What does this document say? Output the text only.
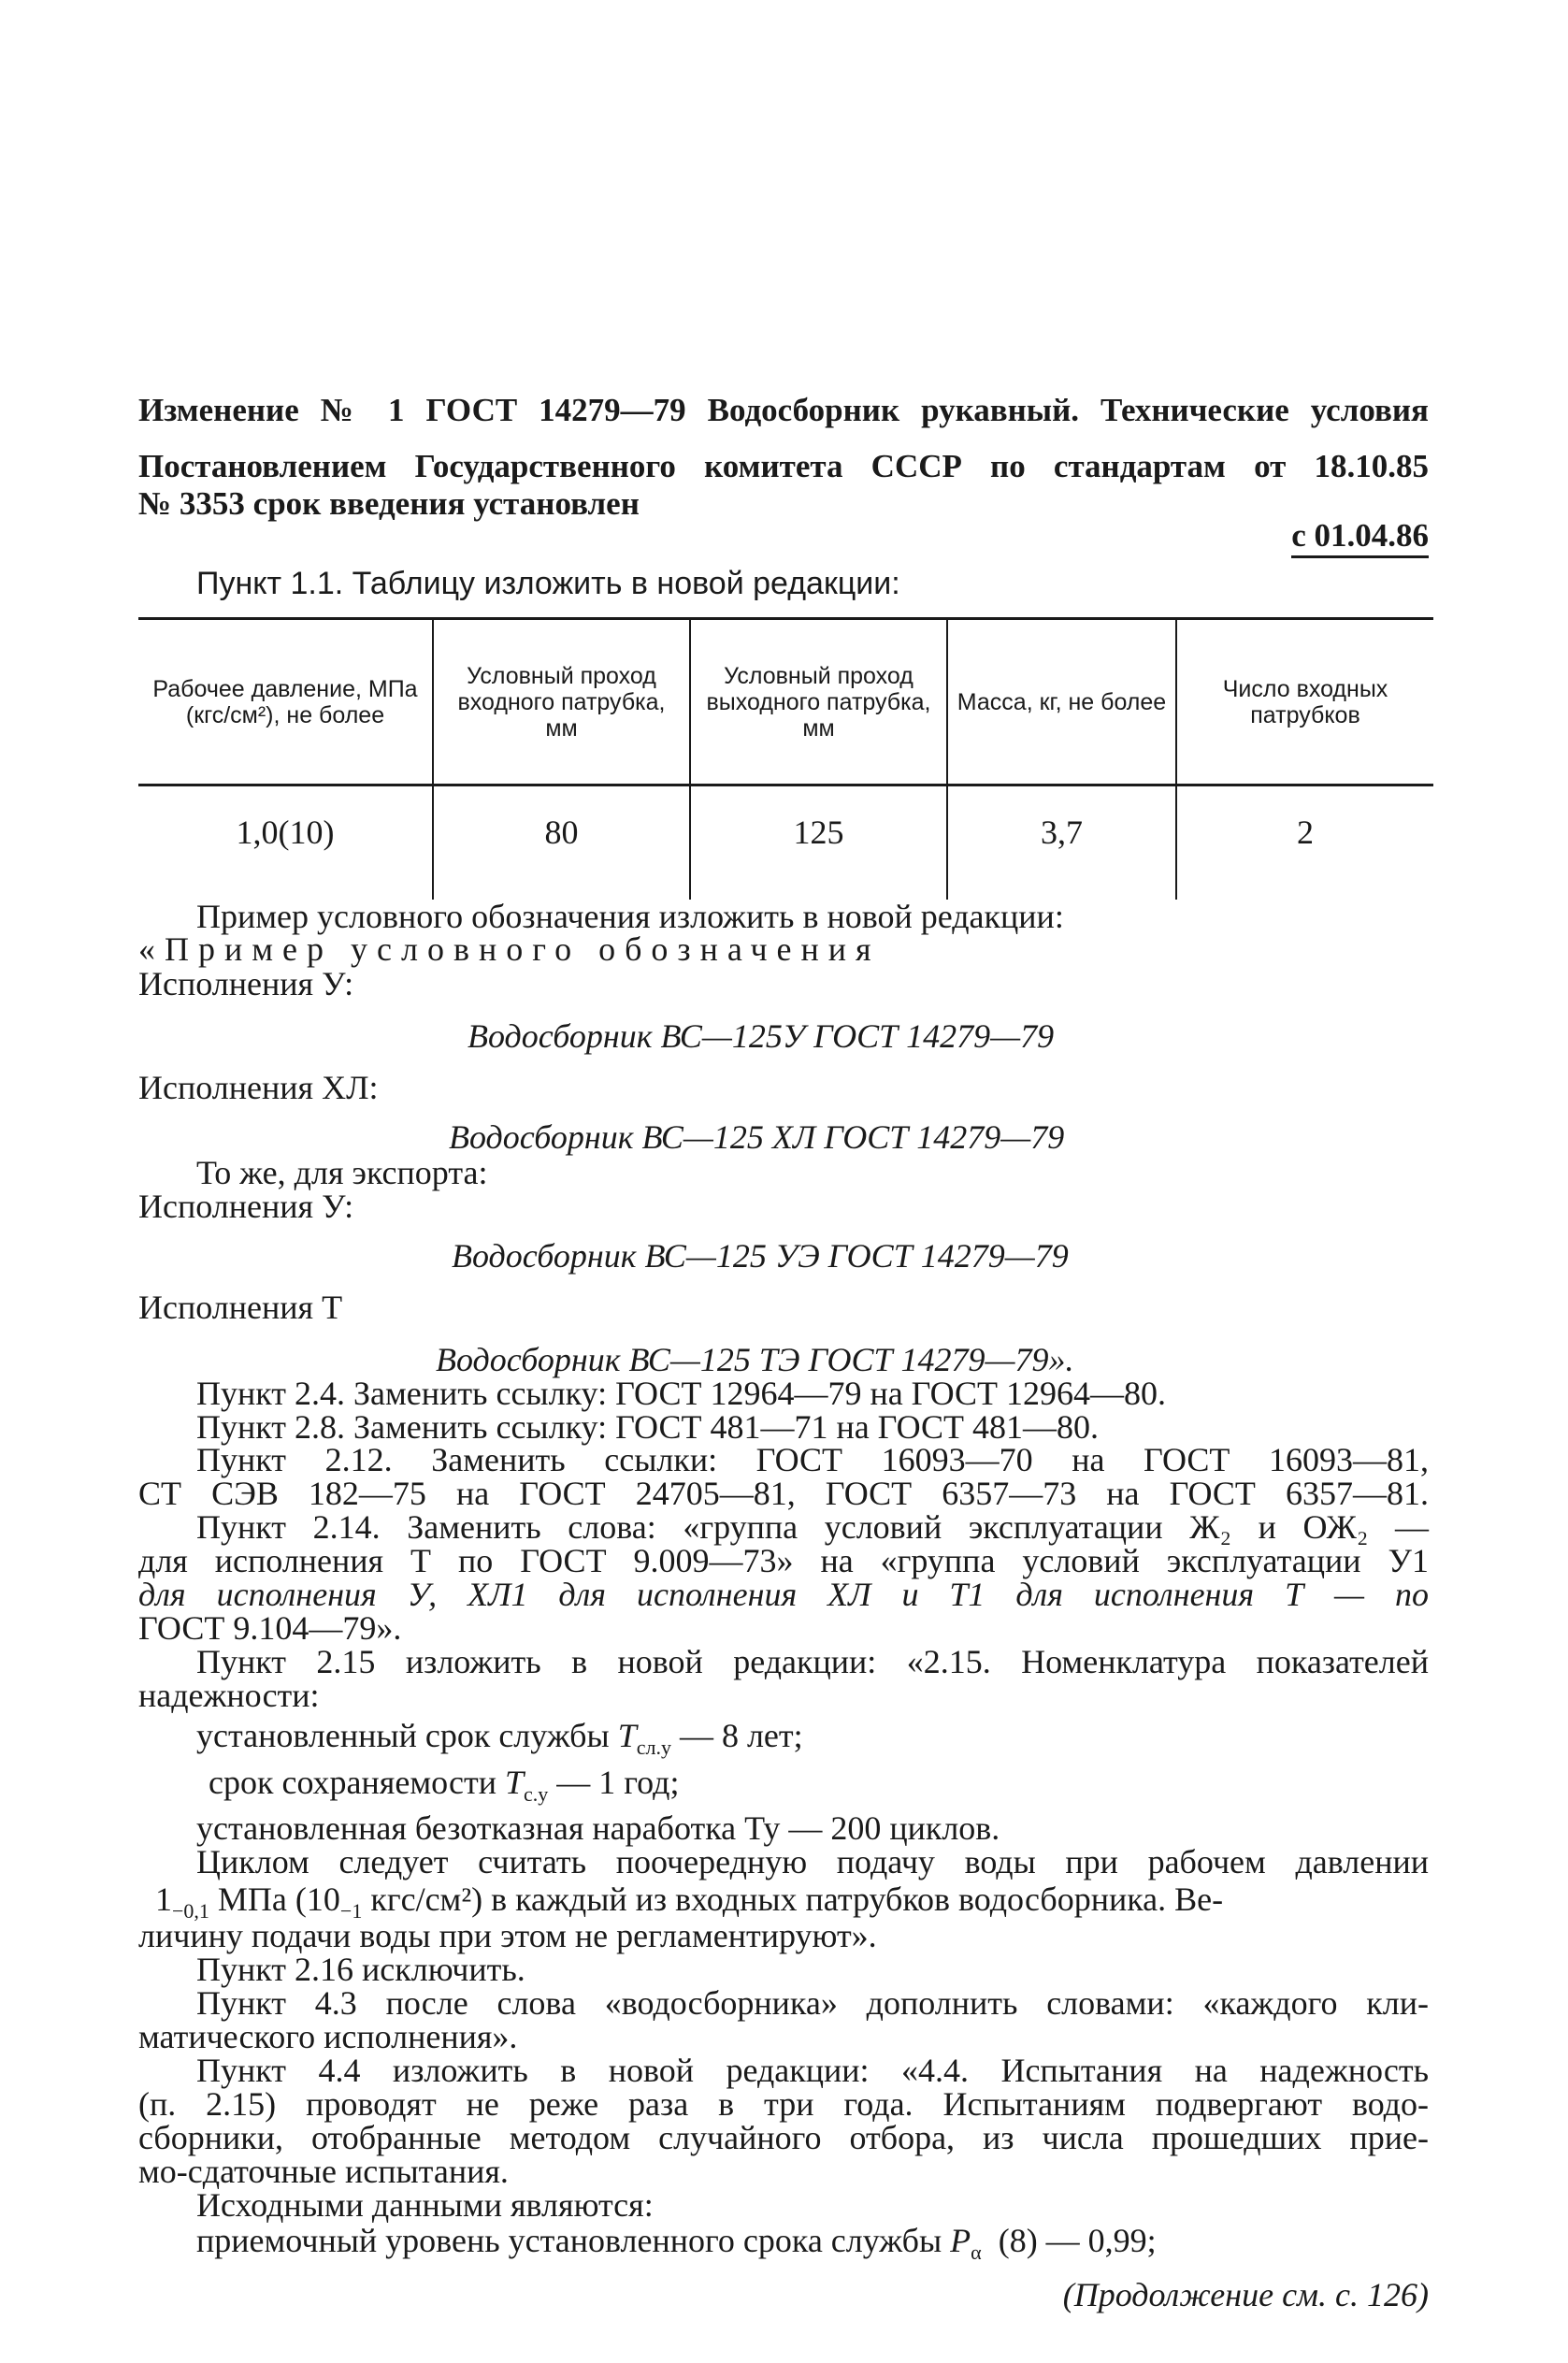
Изменение № 1 ГОСТ 14279—79 Водосборник рукавный. Технические условия
Постановлением Государственного комитета СССР по стандартам от 18.10.85
№ 3353 срок введения установлен
с 01.04.86
Пункт 1.1. Таблицу изложить в новой редакции:
Рабочее давление, МПа (кгс/см²), не более	Условный проход входного патрубка, мм	Условный проход выходного патрубка, мм	Масса, кг, не более	Число входных патрубков
1,0(10)	80	125	3,7	2
Пример условного обозначения изложить в новой редакции:
«Пример условного обозначения
Исполнения У:
Водосборник ВС—125У ГОСТ 14279—79
Исполнения ХЛ:
Водосборник ВС—125 ХЛ ГОСТ 14279—79
То же, для экспорта:
Исполнения У:
Водосборник ВС—125 УЭ ГОСТ 14279—79
Исполнения Т
Водосборник ВС—125 ТЭ ГОСТ 14279—79».
Пункт 2.4. Заменить ссылку: ГОСТ 12964—79 на ГОСТ 12964—80.
Пункт 2.8. Заменить ссылку: ГОСТ 481—71 на ГОСТ 481—80.
Пункт 2.12. Заменить ссылки: ГОСТ 16093—70 на ГОСТ 16093—81,
СТ СЭВ 182—75 на ГОСТ 24705—81, ГОСТ 6357—73 на ГОСТ 6357—81.
Пункт 2.14. Заменить слова: «группа условий эксплуатации Ж₂ и ОЖ₂ —
для исполнения Т по ГОСТ 9.009—73» на «группа условий эксплуатации У1
для исполнения У, ХЛ1 для исполнения ХЛ и Т1 для исполнения Т — по
ГОСТ 9.104—79».
Пункт 2.15 изложить в новой редакции: «2.15. Номенклатура показателей
надежности:
установленный срок службы $T_{сл.у}$ — 8 лет;
срок сохраняемости $T_{с.у}$ — 1 год;
установленная безотказная наработка Ту — 200 циклов.
Циклом следует считать поочередную подачу воды при рабочем давлении
$1_{-0,1}$ МПа ($10_{-1}$ кгс/см²) в каждый из входных патрубков водосборника. Ве-
личину подачи воды при этом не регламентируют».
Пункт 2.16 исключить.
Пункт 4.3 после слова «водосборника» дополнить словами: «каждого кли-
матического исполнения».
Пункт 4.4 изложить в новой редакции: «4.4. Испытания на надежность
(п. 2.15) проводят не реже раза в три года. Испытаниям подвергают водо-
сборники, отобранные методом случайного отбора, из числа прошедших прие-
мо-сдаточные испытания.
Исходными данными являются:
приемочный уровень установленного срока службы $P_\alpha$ (8) — 0,99;
(Продолжение см. с. 126)
